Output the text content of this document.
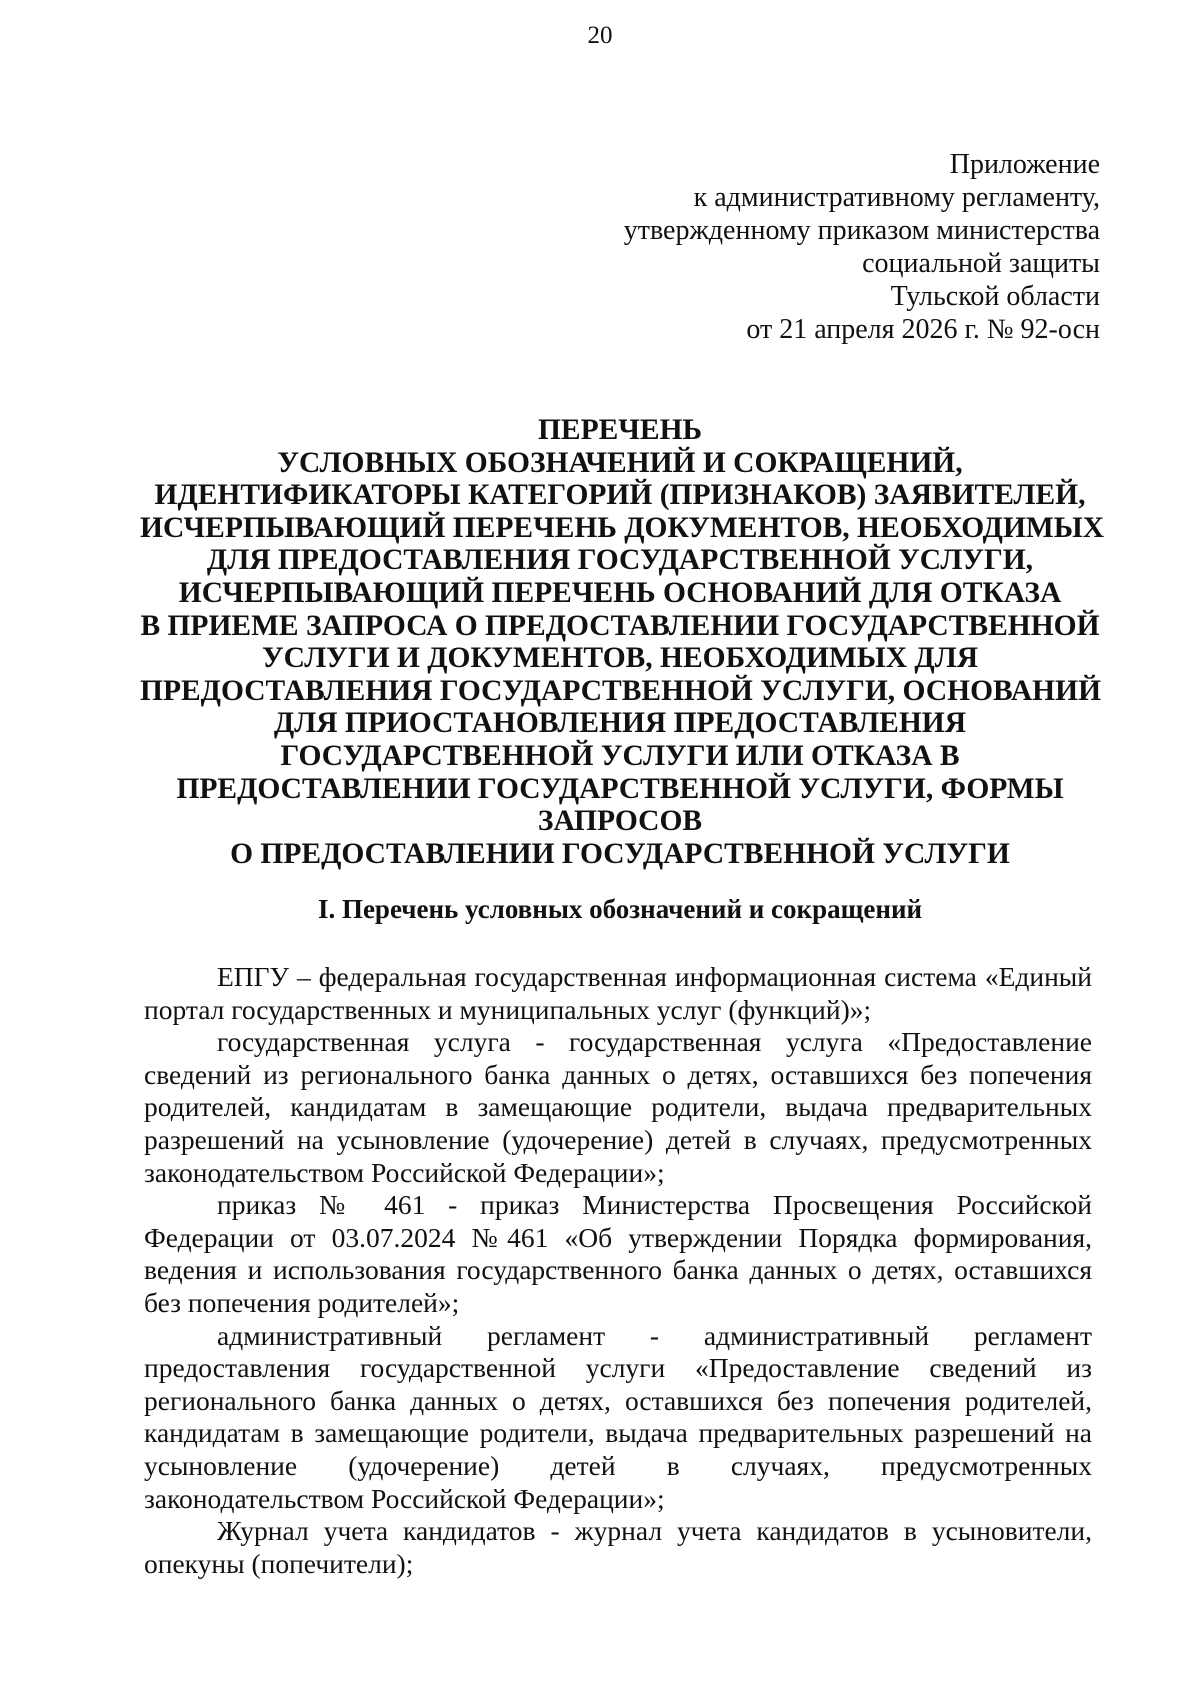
20
Приложение
к административному регламенту,
утвержденному приказом министерства
социальной защиты
Тульской области
от 21 апреля 2026 г. № 92-осн
ПЕРЕЧЕНЬ
УСЛОВНЫХ ОБОЗНАЧЕНИЙ И СОКРАЩЕНИЙ,
ИДЕНТИФИКАТОРЫ КАТЕГОРИЙ (ПРИЗНАКОВ) ЗАЯВИТЕЛЕЙ,
ИСЧЕРПЫВАЮЩИЙ ПЕРЕЧЕНЬ ДОКУМЕНТОВ, НЕОБХОДИМЫХ
ДЛЯ ПРЕДОСТАВЛЕНИЯ ГОСУДАРСТВЕННОЙ УСЛУГИ,
ИСЧЕРПЫВАЮЩИЙ ПЕРЕЧЕНЬ ОСНОВАНИЙ ДЛЯ ОТКАЗА
В ПРИЕМЕ ЗАПРОСА О ПРЕДОСТАВЛЕНИИ ГОСУДАРСТВЕННОЙ
УСЛУГИ И ДОКУМЕНТОВ, НЕОБХОДИМЫХ ДЛЯ
ПРЕДОСТАВЛЕНИЯ ГОСУДАРСТВЕННОЙ УСЛУГИ, ОСНОВАНИЙ
ДЛЯ ПРИОСТАНОВЛЕНИЯ ПРЕДОСТАВЛЕНИЯ
ГОСУДАРСТВЕННОЙ УСЛУГИ ИЛИ ОТКАЗА В
ПРЕДОСТАВЛЕНИИ ГОСУДАРСТВЕННОЙ УСЛУГИ, ФОРМЫ
ЗАПРОСОВ
О ПРЕДОСТАВЛЕНИИ ГОСУДАРСТВЕННОЙ УСЛУГИ
I. Перечень условных обозначений и сокращений

ЕПГУ – федеральная государственная информационная система «Единый портал государственных и муниципальных услуг (функций)»;

государственная услуга - государственная услуга «Предоставление сведений из регионального банка данных о детях, оставшихся без попечения родителей, кандидатам в замещающие родители, выдача предварительных разрешений на усыновление (удочерение) детей в случаях, предусмотренных законодательством Российской Федерации»;

приказ № 461 - приказ Министерства Просвещения Российской Федерации от 03.07.2024 №461 «Об утверждении Порядка формирования, ведения и использования государственного банка данных о детях, оставшихся без попечения родителей»;

административный регламент - административный регламент предоставления государственной услуги «Предоставление сведений из регионального банка данных о детях, оставшихся без попечения родителей, кандидатам в замещающие родители, выдача предварительных разрешений на усыновление (удочерение) детей в случаях, предусмотренных законодательством Российской Федерации»;

Журнал учета кандидатов - журнал учета кандидатов в усыновители, опекуны (попечители);
